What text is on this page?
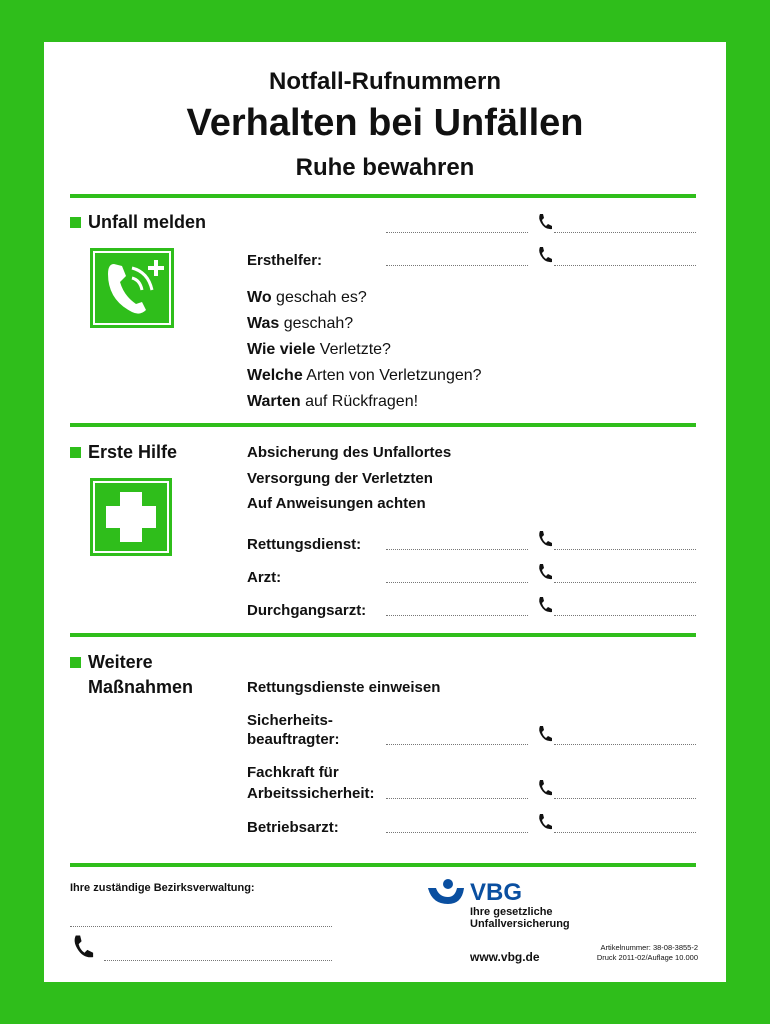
Notfall-Rufnummern
Verhalten bei Unfällen
Ruhe bewahren
Unfall melden
Ersthelfer:
Wo geschah es?
Was geschah?
Wie viele Verletzte?
Welche Arten von Verletzungen?
Warten auf Rückfragen!
Erste Hilfe	Absicherung des Unfallortes
Versorgung der Verletzten
Auf Anweisungen achten
Rettungsdienst:
Arzt:
Durchgangsarzt:
Weitere
Maßnahmen	Rettungsdienste einweisen
Sicherheits-
beauftragter:
Fachkraft für
Arbeitssicherheit:
Betriebsarzt:
Ihre zuständige Bezirksverwaltung:	VBG
Ihre gesetzliche
Unfallversicherung
www.vbg.de
Artikelnummer: 38-08-3855-2
Druck 2011-02/Auflage 10.000
